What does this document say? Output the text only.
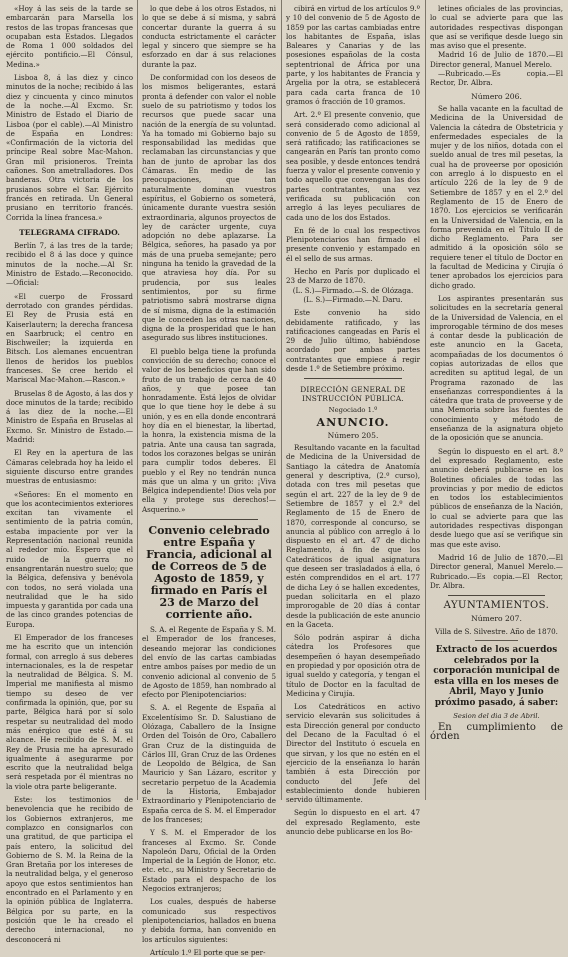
«Hoy á las seis de la tarde se embarcarán para Marsella los restos de las tropas francesas que ocupaban esta Estados. Llegados de Roma 1 000 soldados del ejército pontificio.—El Cónsul, Medina.»

Lisboa 8, á las diez y cinco minutos de la noche; recibido á las diez y cincuenta y cinco minutos de la noche.—Al Excmo. Sr. Ministro de Estado el Diario de Lisboa (por el cable).—Al Ministro de España en Londres: «Confirmación de la victoria del príncipe Real sobre Mac-Mahon. Gran mil prisioneros. Treinta cañones. Son ametralladores. Dos banderas. Otra victoria de los prusianos sobre el Sar. Ejército francés en retirada. Un General prusiano en territorio francés. Corrida la línea francesa.»

TELEGRAMA CIFRADO.

Berlín 7, á las tres de la tarde; recibido el 8 á las doce y quince minutos de la noche.—Al Sr. Ministro de Estado.—Reconocido.—Oficial:

«El cuerpo de Frossard derrotado con grandes pérdidas. El Rey de Prusia está en Kaiserlautern; la derecha francesa en Saarbruck; el centro en Bischweiler; la izquierda en Bitsch. Los alemanes encuentran llenos de heridos los pueblos franceses. Se cree herido el Mariscal Mac-Mahon.—Rascon.»

Bruselas 8 de Agosto, á las dos y doce minutos de la tarde; recibido á las diez de la noche.—El Ministro de España en Bruselas al Excmo. Sr. Ministro de Estado.—Madrid:

El Rey en la apertura de las Cámaras celebrada hoy ha leido el siguiente discurso entre grandes muestras de entusiasmo:

«Señores: En el momento en que los acontecimientos exteriores excitan tan vivamente el sentimiento de la patria común, estaba impaciente por ver la Representación nacional reunida al rededor mío. Espero que el ruido de la guerra no ensangrentarán nuestro suelo; que la Bélgica, defensiva y benévola con todos, no será violada una neutralidad que le ha sido impuesta y garantida por cada una de las cinco grandes potencias de Europa.

El Emperador de los franceses me ha escrito que un intención formal, con arreglo á sus deberes internacionales, es la de respetar la neutralidad de Bélgica. S. M. Imperial me manifiesta al mismo tiempo su deseo de ver confirmada la opinión, que, por su parte, Bélgica hará por sí solo respetar su neutralidad del modo más enérgico que esté á su alcance. He recibido de S. M. el Rey de Prusia me ha apresurado igualmente á asegurarme por escrito que la neutralidad belga será respetada por él mientras no la viole otra parte beligerante.

Este: los testimonios de benevolencia que he recibido de los Gobiernos extranjeros, me complazco en consignarlos con una gratitud, de que participa el país entero, la solicitud del Gobierno de S. M. la Reina de la Gran Bretaña por los intereses de la neutralidad belga, y el generoso apoyo que estos sentimientos han encontrado en el Parlamento y en la opinión pública de Inglaterra. Bélgica por su parte, en la posición que le ha creado el derecho internacional, no desconocerá ni

lo que debe á los otros Estados, ni lo que se debe á sí misma, y sabrá concertar durante la guerra á su conducta estrictamente el carácter legal y sincero que siempre se ha esforzado en dar á sus relaciones durante la paz.

De conformidad con los deseos de los mismos beligerantes, estará pronta á defender con valor el noble suelo de su patriotismo y todos los recursos que puede sacar una nación de la energía de su voluntad. Ya ha tomado mi Gobierno bajo su responsabilidad las medidas que reclamaban las circunstancias y que han de junto de aprobar las dos Cámaras. En medio de las preocupaciones, que tan naturalmente dominan vuestros espíritus, el Gobierno os someterá, únicamente durante vuestra sesión extraordinaria, algunos proyectos de ley de carácter urgente, cuya adopción no debe aplazarse. La Bélgica, señores, ha pasado ya por más de una prueba semejante; pero ninguna ha tenido la gravedad de la que atraviesa hoy día. Por su prudencia, por sus leales sentimientos, por su firme patriotismo sabrá mostrarse digna de sí misma, digna de la estimación que le conceden las otras naciones, digna de la prosperidad que le han asegurado sus libres instituciones.

El pueblo belga tiene la profunda convicción de su derecho; conoce el valor de los beneficios que han sido fruto de un trabajo de cerca de 40 años, y que posee tan honradamente. Está lejos de olvidar que lo que tiene hoy le debe á su unión, y es en ella donde encontrará hoy día en el bienestar, la libertad, la honra, la existencia misma de la patria. Ante una causa tan sagrada, todos los corazones belgas se unirán para cumplir todos deberes. El pueblo y el Rey no tendrán nunca más que un alma y un grito: ¡Viva Bélgica independiente! Dios vela por ella y protege sus derechos!—Asquerino.»

Convenio celebrado entre España y Francia, adicional al de Correos de 5 de Agosto de 1859, y firmado en París el 23 de Marzo del corriente año.

S. A. el Regente de España y S. M. el Emperador de los franceses, deseando mejorar las condiciones del envío de las cartas cambiadas entre ambos países por medio de un convenio adicional al convenio de 5 de Agosto de 1859, han nombrado al efecto por Plenipotenciarios:

S. A. el Regente de España al Excelentísimo Sr. D. Salustiano de Olózaga, Caballero de la Insigne Orden del Toisón de Oro, Caballero Gran Cruz de la distinguida de Cárlos III, Gran Cruz de las Ordenes de Leopoldo de Bélgica, de San Mauricio y San Lázaro, escritor y secretario perpetuo de la Academia de la Historia, Embajador Extraordinario y Plenipotenciario de España cerca de S. M. el Emperador de los franceses;

Y S. M. el Emperador de los franceses al Excmo. Sr. Conde Napoleón Daru, Oficial de la Orden Imperial de la Legión de Honor, etc. etc. etc., su Ministro y Secretario de Estado para el despacho de los Negocios extranjeros;

Los cuales, después de haberse comunicado sus respectivos plenipotenciarios, hallados en buena y debida forma, han convenido en los artículos siguientes:

Artículo 1.º El porte que se per-

cibirá en virtud de los artículos 9.º y 10 del convenio de 5 de Agosto de 1859 por las cartas cambiadas entre los habitantes de España, islas Baleares y Canarias y de las posesiones españolas de la costa septentrional de África por una parte, y los habitantes de Francia y Argelia por la otra, se establecerá para cada carta franca de 10 gramos ó fracción de 10 gramos.

Art. 2.º El presente convenio, que será considerado como adicional al convenio de 5 de Agosto de 1859, será ratificado; las ratificaciones se cangearán en París tan pronto como sea posible, y desde entonces tendrá fuerza y valor el presente convenio y todo aquello que convengan las dos partes contratantes, una vez verificada su publicación con arreglo á las leyes peculiares de cada uno de los dos Estados.

En fé de lo cual los respectivos Plenipotenciarios han firmado el presente convenio y estampado en él el sello de sus armas.

Hecho en París por duplicado el 23 de Marzo de 1870.

(L. S.)—Firmado.—S. de Olózaga.

(L. S.)—Firmado.—N. Daru.

Este convenio ha sido debidamente ratificado, y las ratificaciones cangeadas en París el 29 de Julio último, habiéndose acordado por ambas partes contratantes que empiece á regir desde 1.º de Setiembre próximo.

DIRECCIÓN GENERAL DE INSTRUCCIÓN PÚBLICA.

Negociado 1.º

ANUNCIO.

Número 205.

Resultando vacante en la facultad de Medicina de la Universidad de Santiago la cátedra de Anatomía general y descriptiva, (2.º curso), dotada con tres mil pesetas que según el art. 227 de la ley de 9 de Setiembre de 1857 y el 2.º del Reglamento de 15 de Enero de 1870, corresponde al concurso, se anuncia al público con arreglo á lo dispuesto en el art. 47 de dicho Reglamento, á fin de que los Catedráticos de igual asignatura que deseen ser trasladados á ella, ó estén comprendidos en el art. 177 de dicha Ley ó se hallen excedentes, puedan solicitarla en el plazo improrogable de 20 días á contar desde la publicación de este anuncio en la Gaceta.

Sólo podrán aspirar á dicha cátedra los Profesores que desempeñen ó hayan desempeñado en propiedad y por oposición otra de igual sueldo y categoría, y tengan el título de Doctor en la facultad de Medicina y Cirujía.

Los Catedráticos en activo servicio elevarán sus solicitudes á esta Dirección general por conducto del Decano de la Facultad ó el Director del Instituto ó escuela en que sirvan, y los que no estén en el ejercicio de la enseñanza lo harán también á esta Dirección por conducto del Jefe del establecimiento donde hubieren servido últimamente.

Según lo dispuesto en el art. 47 del expresado Reglamento, este anuncio debe publicarse en los Bo-

letines oficiales de las provincias, lo cual se advierte para que las autoridades respectivas dispongan que así se verifique desde luego sin mas aviso que el presente.

Madrid 16 de Julio de 1870.—El Director general, Manuel Merelo.

—Rubricado.—Es copia.—El Rector, Dr. Albra.

Número 206.

Se halla vacante en la facultad de Medicina de la Universidad de Valencia la cátedra de Obstetricia y enfermedades especiales de la mujer y de los niños, dotada con el sueldo anual de tres mil pesetas, la cual ha de proveerse por oposición con arreglo á lo dispuesto en el artículo 226 de la ley de 9 de Setiembre de 1857 y en el 2.º del Reglamento de 15 de Enero de 1870. Los ejercicios se verificarán en la Universidad de Valencia, en la forma prevenida en el Título II de dicho Reglamento. Para ser admitido á la oposición sólo se requiere tener el título de Doctor en la facultad de Medicina y Cirujía ó tener aprobados los ejercicios para dicho grado.

Los aspirantes presentarán sus solicitudes en la secretaría general de la Universidad de Valencia, en el improrogable término de dos meses á contar desde la publicación de este anuncio en la Gaceta, acompañadas de los documentos ó copias autorizadas de ellos que acrediten su aptitud legal, de un Programa razonado de las enseñanzas correspondientes á la cátedra que trata de proveerse y de una Memoria sobre las fuentes de conocimiento y método de enseñanza de la asignatura objeto de la oposición que se anuncia.

Según lo dispuesto en el art. 8.º del expresado Reglamento, este anuncio deberá publicarse en los Boletines oficiales de todas las provincias y por medio de edictos en todos los establecimientos públicos de enseñanza de la Nación, lo cual se advierte para que las autoridades respectivas dispongan desde luego que así se verifique sin mas que este aviso.

Madrid 16 de Julio de 1870.—El Director general, Manuel Merelo.—Rubricado.—Es copia.—El Rector, Dr. Albra.

AYUNTAMIENTOS.

Número 207.

Villa de S. Silvestre. Año de 1870.

Extracto de los acuerdos celebrados por la corporación municipal de esta villa en los meses de Abril, Mayo y Junio próximo pasado, á saber:

Sesion del dia 3 de Abril.

En cumplimiento de órden
